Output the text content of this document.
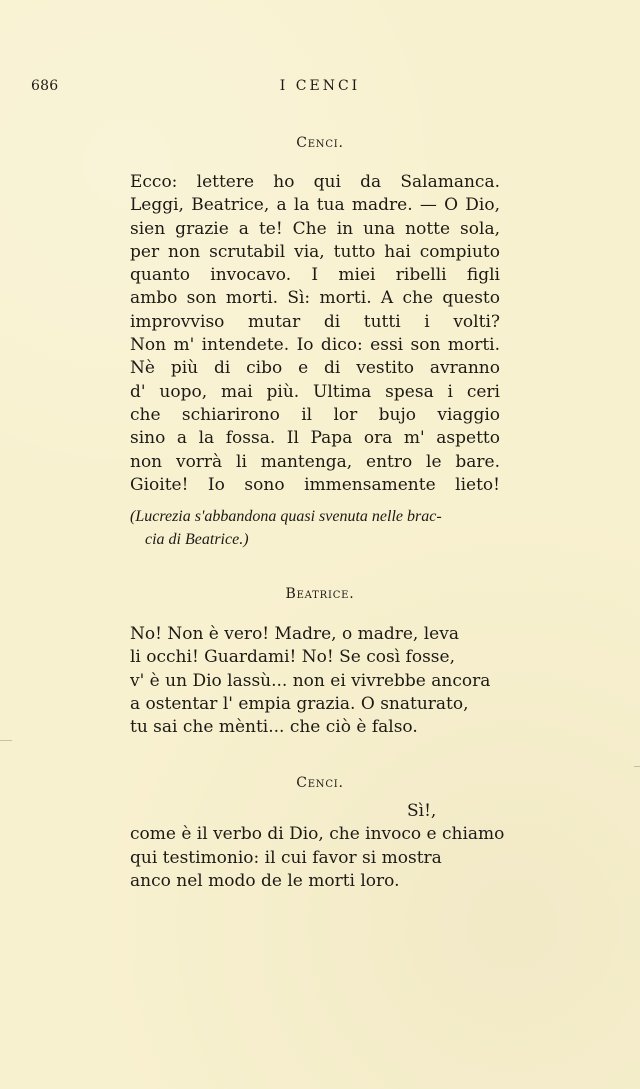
686	I CENCI
Cenci.
Ecco: lettere ho qui da Salamanca.
Leggi, Beatrice, a la tua madre. — O Dio,
sien grazie a te! Che in una notte sola,
per non scrutabil via, tutto hai compiuto
quanto invocavo. I miei ribelli figli
ambo son morti. Sì: morti. A che questo
improvviso mutar di tutti i volti?
Non m' intendete. Io dico: essi son morti.
Nè più di cibo e di vestito avranno
d' uopo, mai più. Ultima spesa i ceri
che schiarirono il lor bujo viaggio
sino a la fossa. Il Papa ora m' aspetto
non vorrà li mantenga, entro le bare.
Gioite! Io sono immensamente lieto!
(Lucrezia s'abbandona quasi svenuta nelle brac-
cia di Beatrice.)
Beatrice.
No! Non è vero! Madre, o madre, leva
li occhi! Guardami! No! Se così fosse,
v' è un Dio lassù... non ei vivrebbe ancora
a ostentar l' empia grazia. O snaturato,
tu sai che mènti... che ciò è falso.
Cenci.
Sì!,
come è il verbo di Dio, che invoco e chiamo
qui testimonio: il cui favor si mostra
anco nel modo de le morti loro.
